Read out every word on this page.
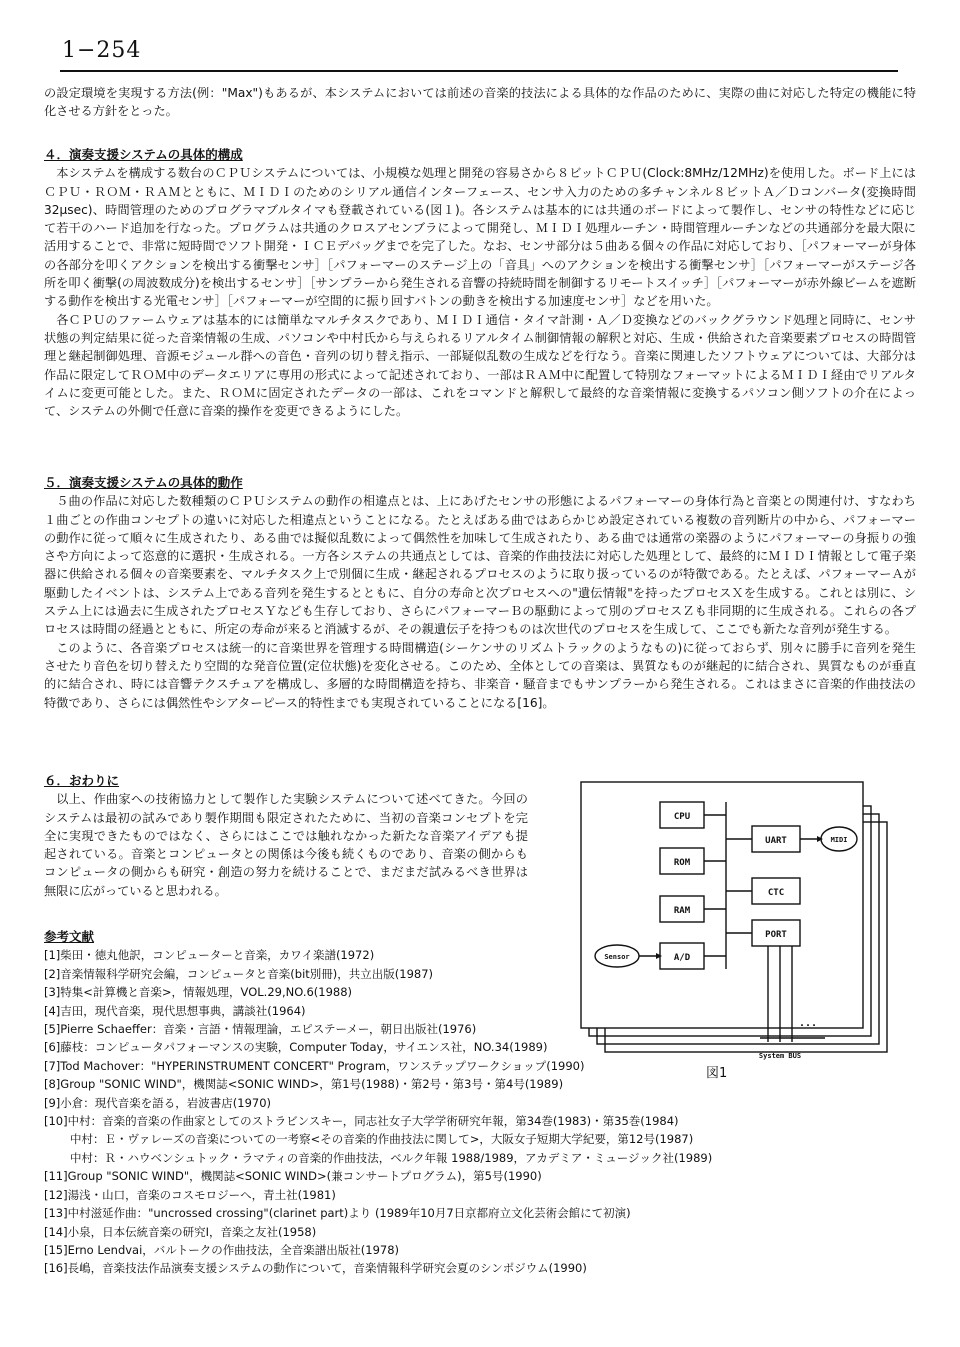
1−254

の設定環境を実現する方法(例："Max")もあるが、本システムにおいては前述の音楽的技法による具体的な作品のために、実際の曲に対応した特定の機能に特化させる方針をとった。

４．演奏支援システムの具体的構成

本システムを構成する数台のＣＰＵシステムについては、小規模な処理と開発の容易さから８ビットＣＰＵ(Clock:8MHz/12MHz)を使用した。ボード上にはＣＰＵ・ＲＯＭ・ＲＡＭとともに、ＭＩＤＩのためのシリアル通信インターフェース、センサ入力のための多チャンネル８ビットＡ／Ｄコンバータ(変換時間32μsec)、時間管理のためのプログラマブルタイマも登載されている(図１)。各システムは基本的には共通のボードによって製作し、センサの特性などに応じて若干のハード追加を行なった。プログラムは共通のクロスアセンブラによって開発し、ＭＩＤＩ処理ルーチン・時間管理ルーチンなどの共通部分を最大限に活用することで、非常に短時間でソフト開発・ＩＣＥデバッグまでを完了した。なお、センサ部分は５曲ある個々の作品に対応しており、［パフォーマーが身体の各部分を叩くアクションを検出する衝撃センサ］［パフォーマーのステージ上の「音具」へのアクションを検出する衝撃センサ］［パフォーマーがステージ各所を叩く衝撃(の周波数成分)を検出するセンサ］［サンプラーから発生される音響の持続時間を制御するリモートスイッチ］［パフォーマーが赤外線ビームを遮断する動作を検出する光電センサ］［パフォーマーが空間的に振り回すバトンの動きを検出する加速度センサ］などを用いた。

各ＣＰＵのファームウェアは基本的には簡単なマルチタスクであり、ＭＩＤＩ通信・タイマ計測・Ａ／Ｄ変換などのバックグラウンド処理と同時に、センサ状態の判定結果に従った音楽情報の生成、パソコンや中村氏から与えられるリアルタイム制御情報の解釈と対応、生成・供給された音楽要素プロセスの時間管理と継起制御処理、音源モジュール群への音色・音列の切り替え指示、一部疑似乱数の生成などを行なう。音楽に関連したソフトウェアについては、大部分は作品に限定してＲＯＭ中のデータエリアに専用の形式によって記述されており、一部はＲＡＭ中に配置して特別なフォーマットによるＭＩＤＩ経由でリアルタイムに変更可能とした。また、ＲＯＭに固定されたデータの一部は、これをコマンドと解釈して最終的な音楽情報に変換するパソコン側ソフトの介在によって、システムの外側で任意に音楽的操作を変更できるようにした。

５．演奏支援システムの具体的動作

５曲の作品に対応した数種類のＣＰＵシステムの動作の相違点とは、上にあげたセンサの形態によるパフォーマーの身体行為と音楽との関連付け、すなわち１曲ごとの作曲コンセプトの違いに対応した相違点ということになる。たとえばある曲ではあらかじめ設定されている複数の音列断片の中から、パフォーマーの動作に従って順々に生成されたり、ある曲では擬似乱数によって偶然性を加味して生成されたり、ある曲では通常の楽器のようにパフォーマーの身振りの強さや方向によって恣意的に選択・生成される。一方各システムの共通点としては、音楽的作曲技法に対応した処理として、最終的にＭＩＤＩ情報として電子楽器に供給される個々の音楽要素を、マルチタスク上で別個に生成・継起されるプロセスのように取り扱っているのが特徴である。たとえば、パフォーマーＡが駆動したイベントは、システム上である音列を発生するとともに、自分の寿命と次プロセスへの"遺伝情報"を持ったプロセスＸを生成する。これとは別に、システム上には過去に生成されたプロセスＹなども生存しており、さらにパフォーマーＢの駆動によって別のプロセスＺも非同期的に生成される。これらの各プロセスは時間の経過とともに、所定の寿命が来ると消滅するが、その親遺伝子を持つものは次世代のプロセスを生成して、ここでも新たな音列が発生する。

このように、各音楽プロセスは統一的に音楽世界を管理する時間構造(シーケンサのリズムトラックのようなもの)に従っておらず、別々に勝手に音列を発生させたり音色を切り替えたり空間的な発音位置(定位状態)を変化させる。このため、全体としての音楽は、異質なものが継起的に結合され、異質なものが垂直的に結合され、時には音響テクスチュアを構成し、多層的な時間構造を持ち、非楽音・騒音までもサンプラーから発生される。これはまさに音楽的作曲技法の特徴であり、さらには偶然性やシアターピース的特性までも実現されていることになる[16]。

６．おわりに

以上、作曲家への技術協力として製作した実験システムについて述べてきた。今回のシステムは最初の試みであり製作期間も限定されたために、当初の音楽コンセプトを完全に実現できたものではなく、さらにはここでは触れなかった新たな音楽アイデアも提起されている。音楽とコンピュータとの関係は今後も続くものであり、音楽の側からもコンピュータの側からも研究・創造の努力を続けることで、まだまだ試みるべき世界は無限に広がっていると思われる。

参考文献
[1]柴田・徳丸他訳，コンピューターと音楽，カワイ楽譜(1972)
[2]音楽情報科学研究会編，コンピュータと音楽(bit別冊)，共立出版(1987)
[3]特集<計算機と音楽>，情報処理，VOL.29,NO.6(1988)
[4]吉田，現代音楽，現代思想事典，講談社(1964)
[5]Pierre Schaeffer：音楽・言語・情報理論，エピステーメー，朝日出版社(1976)
[6]藤枝：コンピュータパフォーマンスの実験，Computer Today，サイエンス社，NO.34(1989)
[7]Tod Machover："HYPERINSTRUMENT CONCERT" Program，ワンステップワークショップ(1990)
[8]Group "SONIC WIND"，機関誌<SONIC WIND>，第1号(1988)・第2号・第3号・第4号(1989)
[9]小倉：現代音楽を語る，岩波書店(1970)
[10]中村：音楽的音楽の作曲家としてのストラビンスキー，同志社女子大学学術研究年報，第34巻(1983)・第35巻(1984)
中村：Ｅ・ヴァレーズの音楽についての一考察<その音楽的作曲技法に関して>，大阪女子短期大学紀要，第12号(1987)
中村：Ｒ・ハウベンシュトック・ラマティの音楽的作曲技法，ベルク年報 1988/1989，アカデミア・ミュージック社(1989)
[11]Group "SONIC WIND"，機関誌<SONIC WIND>(兼コンサートプログラム)，第5号(1990)
[12]湯浅・山口，音楽のコスモロジーへ，青土社(1981)
[13]中村滋延作曲："uncrossed crossing"(clarinet part)より (1989年10月7日京都府立文化芸術会館にて初演)
[14]小泉，日本伝統音楽の研究Ⅰ，音楽之友社(1958)
[15]Erno Lendvai，バルトークの作曲技法，全音楽譜出版社(1978)
[16]長嶋，音楽技法作品演奏支援システムの動作について，音楽情報科学研究会夏のシンポジウム(1990)
CPU
ROM
RAM
A/D
UART
CTC
PORT
MIDI
Sensor
...
System BUS
図1
